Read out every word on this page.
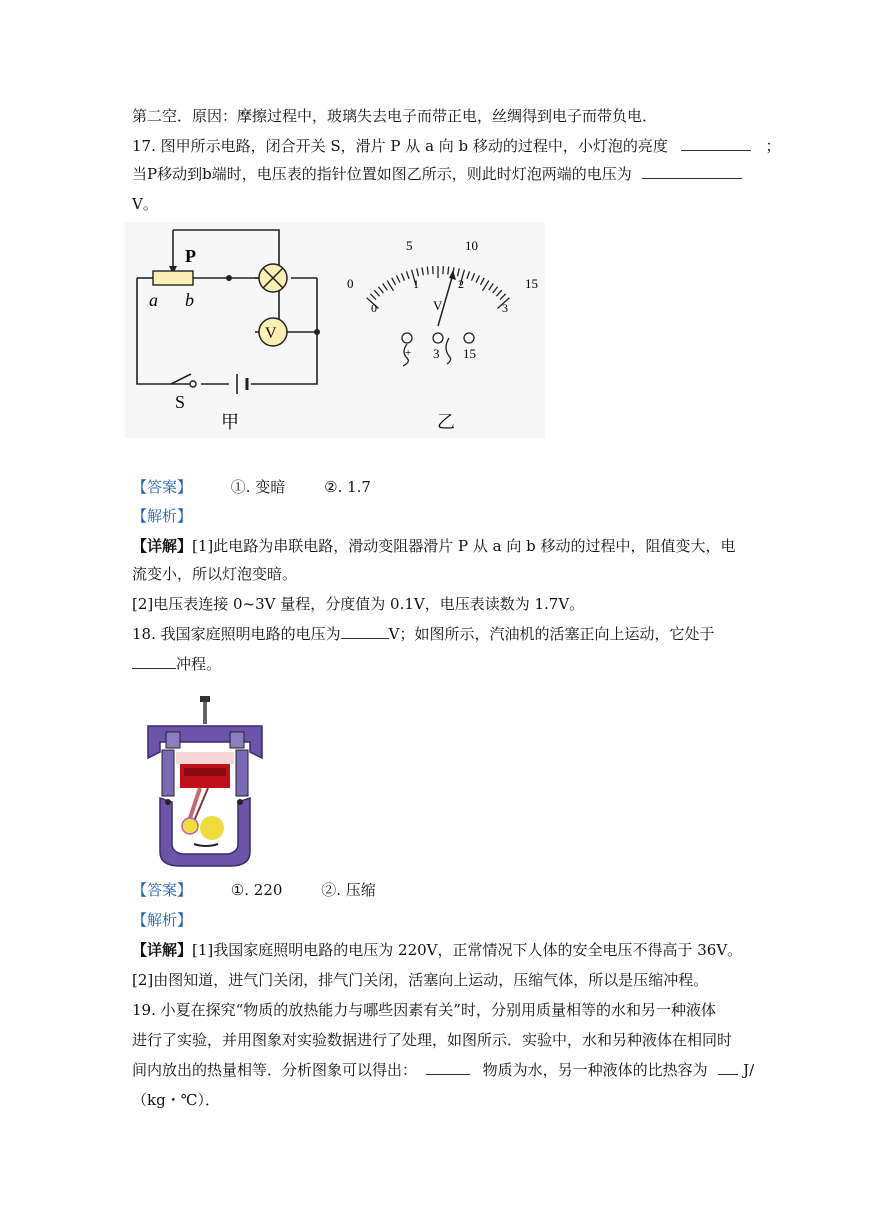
第二空．原因：摩擦过程中，玻璃失去电子而带正电，丝绸得到电子而带负电．
17. 图甲所示电路，闭合开关 S，滑片 P 从 a 向 b 移动的过程中，小灯泡的亮度	；
当P移动到b端时，电压表的指针位置如图乙所示，则此时灯泡两端的电压为
V。
P
a b
S
V
甲
0
5	10
15
0
1	2
3
V
+ 3 15
乙
【答案】	①. 变暗	②. 1.7
【解析】
【详解】[1]此电路为串联电路，滑动变阻器滑片 P 从 a 向 b 移动的过程中，阻值变大，电
流变小，所以灯泡变暗。
[2]电压表连接 0~3V 量程，分度值为 0.1V，电压表读数为 1.7V。
18. 我国家庭照明电路的电压为	V；如图所示，汽油机的活塞正向上运动，它处于
冲程。
【答案】	①. 220	②. 压缩
【解析】
【详解】[1]我国家庭照明电路的电压为 220V，正常情况下人体的安全电压不得高于 36V。
[2]由图知道，进气门关闭，排气门关闭，活塞向上运动，压缩气体，所以是压缩冲程。
19. 小夏在探究“物质的放热能力与哪些因素有关”时，分别用质量相等的水和另一种液体
进行了实验，并用图象对实验数据进行了处理，如图所示．实验中，水和另种液体在相同时
间内放出的热量相等．分析图象可以得出：	物质为水，另一种液体的比热容为 J/
（kg・℃）．
